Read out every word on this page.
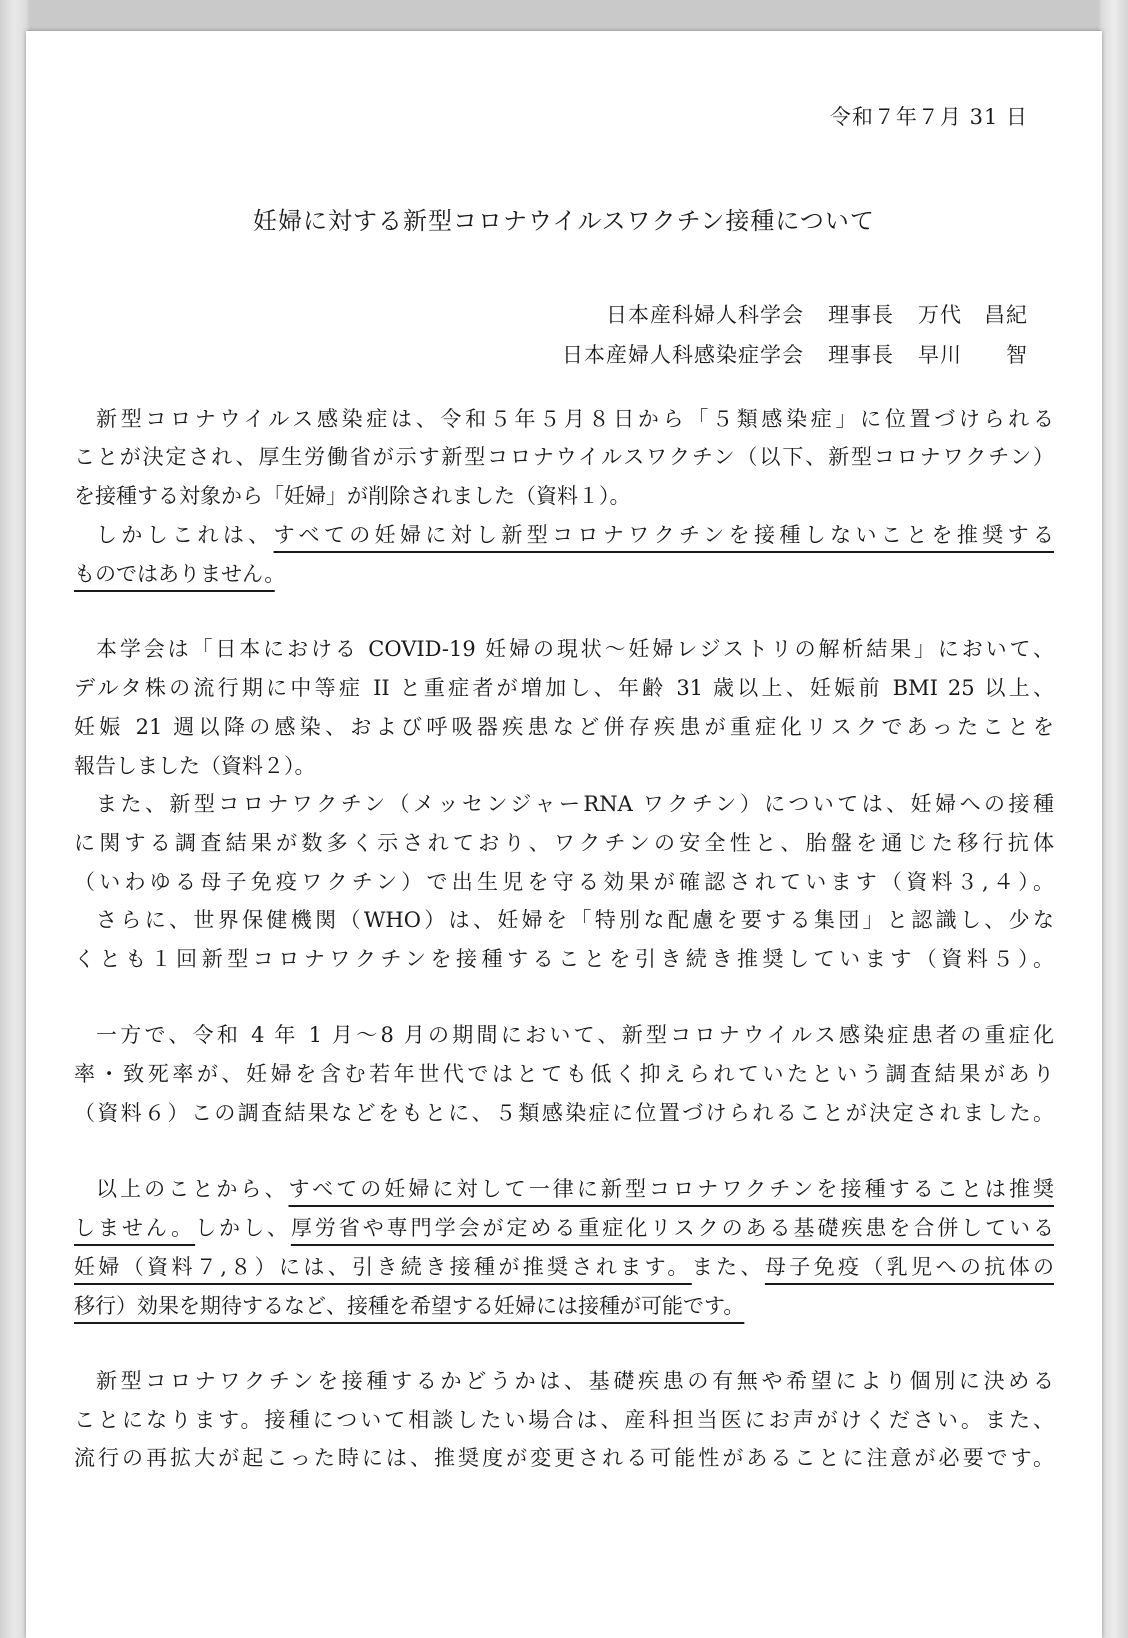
令和７年７月 31 日
妊婦に対する新型コロナウイルスワクチン接種について
日本産科婦人科学会 理事長 万代　昌紀
日本産婦人科感染症学会 理事長 早川　　智
新型コロナウイルス感染症は、令和５年５月８日から「５類感染症」に位置づけられる
ことが決定され、厚生労働省が示す新型コロナウイルスワクチン（以下、新型コロナワクチン）
を接種する対象から「妊婦」が削除されました（資料１）。
しかしこれは、すべての妊婦に対し新型コロナワクチンを接種しないことを推奨する
ものではありません。　
本学会は「日本における COVID-19 妊婦の現状～妊婦レジストリの解析結果」において、
デルタ株の流行期に中等症 II と重症者が増加し、年齢 31 歳以上、妊娠前 BMI 25 以上、
妊娠 21 週以降の感染、および呼吸器疾患など併存疾患が重症化リスクであったことを
報告しました（資料２）。
また、新型コロナワクチン（メッセンジャーRNA ワクチン）については、妊婦への接種
に関する調査結果が数多く示されており、ワクチンの安全性と、胎盤を通じた移行抗体
（いわゆる母子免疫ワクチン）で出生児を守る効果が確認されています（資料３,４）。
さらに、世界保健機関（WHO）は、妊婦を「特別な配慮を要する集団」と認識し、少な
くとも１回新型コロナワクチンを接種することを引き続き推奨しています（資料５）。
一方で、令和 4 年 1 月～8 月の期間において、新型コロナウイルス感染症患者の重症化
率・致死率が、妊婦を含む若年世代ではとても低く抑えられていたという調査結果があり
（資料６）この調査結果などをもとに、５類感染症に位置づけられることが決定されました。
以上のことから、すべての妊婦に対して一律に新型コロナワクチンを接種することは推奨
しません。しかし、厚労省や専門学会が定める重症化リスクのある基礎疾患を合併している
妊婦（資料７,８）には、引き続き接種が推奨されます。また、母子免疫（乳児への抗体の
移行）効果を期待するなど、接種を希望する妊婦には接種が可能です。
新型コロナワクチンを接種するかどうかは、基礎疾患の有無や希望により個別に決める
ことになります。接種について相談したい場合は、産科担当医にお声がけください。また、
流行の再拡大が起こった時には、推奨度が変更される可能性があることに注意が必要です。
